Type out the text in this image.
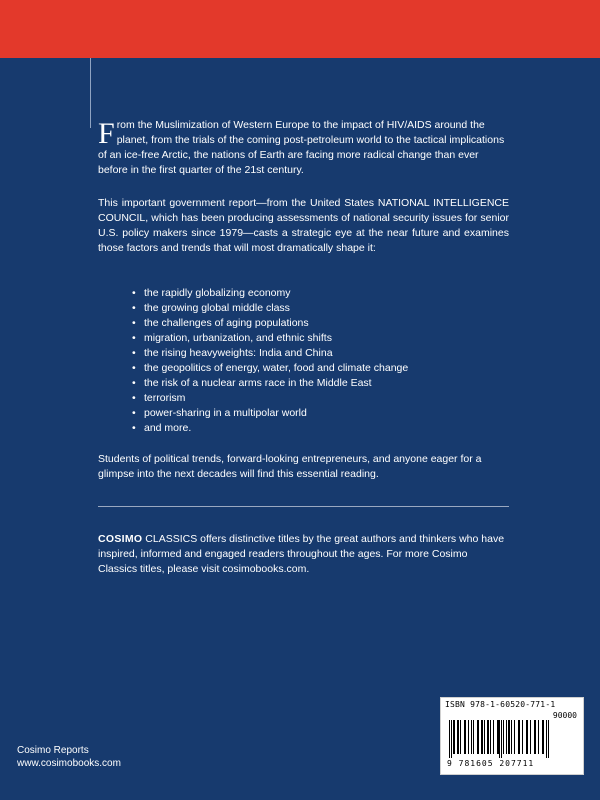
From the Muslimization of Western Europe to the impact of HIV/AIDS around the planet, from the trials of the coming post-petroleum world to the tactical implications of an ice-free Arctic, the nations of Earth are facing more radical change than ever before in the first quarter of the 21st century.
This important government report—from the United States NATIONAL INTELLIGENCE COUNCIL, which has been producing assessments of national security issues for senior U.S. policy makers since 1979—casts a strategic eye at the near future and examines those factors and trends that will most dramatically shape it:
• the rapidly globalizing economy
• the growing global middle class
• the challenges of aging populations
• migration, urbanization, and ethnic shifts
• the rising heavyweights: India and China
• the geopolitics of energy, water, food and climate change
• the risk of a nuclear arms race in the Middle East
• terrorism
• power-sharing in a multipolar world
• and more.
Students of political trends, forward-looking entrepreneurs, and anyone eager for a glimpse into the next decades will find this essential reading.
COSIMO CLASSICS offers distinctive titles by the great authors and thinkers who have inspired, informed and engaged readers throughout the ages. For more Cosimo Classics titles, please visit cosimobooks.com.
Cosimo Reports
www.cosimobooks.com
ISBN 978-1-60520-771-1
90000
9 781605 207711
